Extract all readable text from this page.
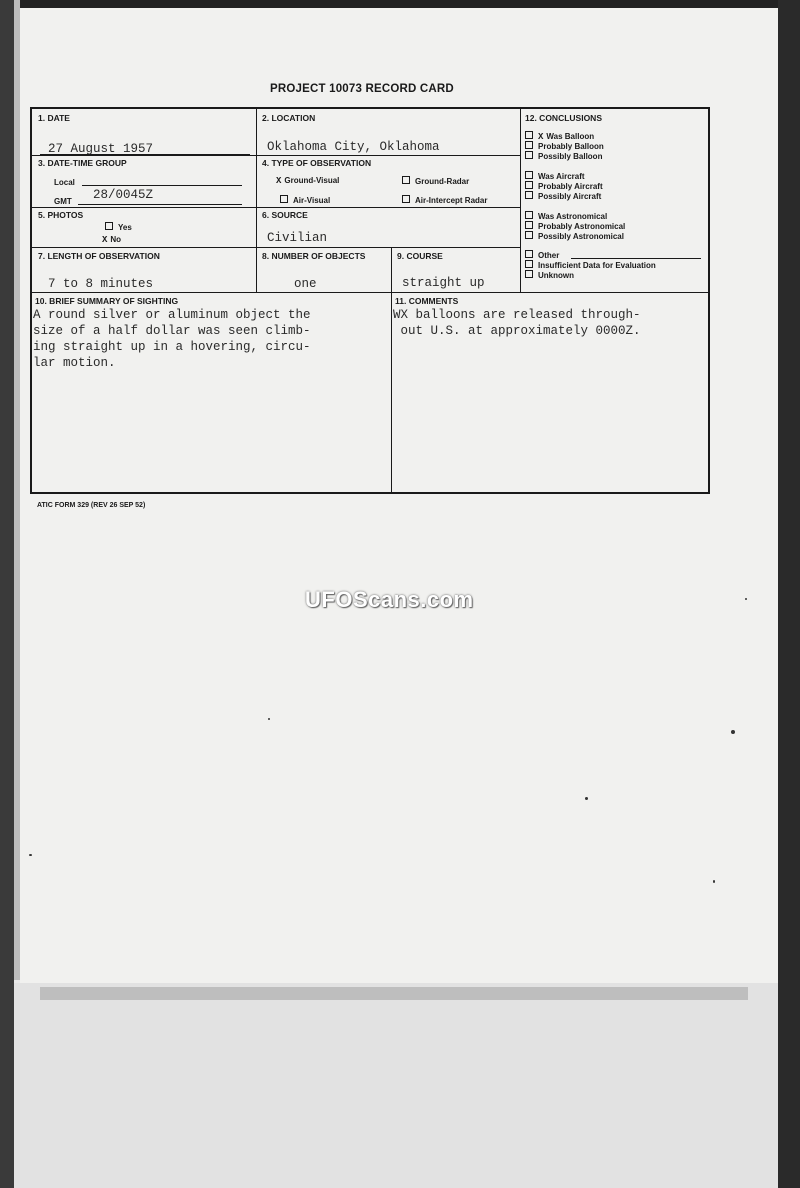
PROJECT 10073 RECORD CARD
1. DATE
27 August 1957
2. LOCATION
Oklahoma City, Oklahoma
3. DATE-TIME GROUP
Local
GMT 28/0045Z
4. TYPE OF OBSERVATION
X Ground-Visual	Ground-Radar
Air-Visual	Air-Intercept Radar
5. PHOTOS
Yes
X No
6. SOURCE
Civilian
7. LENGTH OF OBSERVATION
7 to 8 minutes
8. NUMBER OF OBJECTS
one
9. COURSE
straight up
10. BRIEF SUMMARY OF SIGHTING
A round silver or aluminum object the
size of a half dollar was seen climb-
ing straight up in a hovering, circu-
lar motion.
11. COMMENTS
WX balloons are released through-
out U.S. at approximately 0000Z.
12. CONCLUSIONS
X Was Balloon
Probably Balloon
Possibly Balloon
Was Aircraft
Probably Aircraft
Possibly Aircraft
Was Astronomical
Probably Astronomical
Possibly Astronomical
Other
Insufficient Data for Evaluation
Unknown
ATIC FORM 329 (REV 26 SEP 52)
UFOScans.com
